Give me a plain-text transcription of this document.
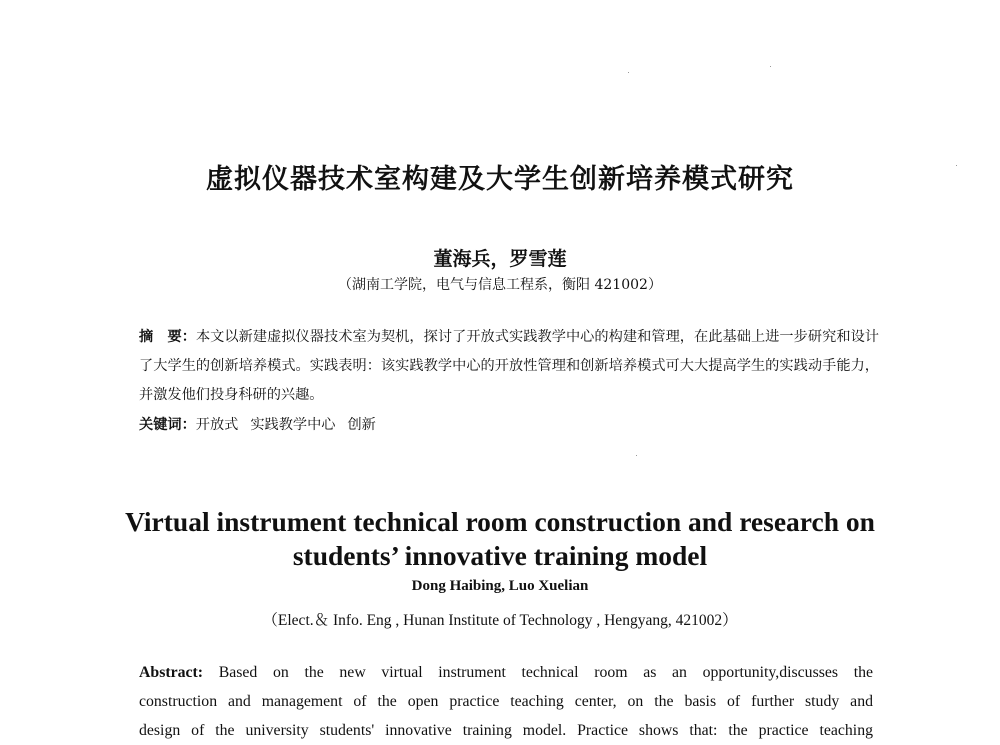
虚拟仪器技术室构建及大学生创新培养模式研究
董海兵，罗雪莲
（湖南工学院，电气与信息工程系，衡阳 421002）
摘　要：本文以新建虚拟仪器技术室为契机，探讨了开放式实践教学中心的构建和管理，在此基础上进一步研究和设计了大学生的创新培养模式。实践表明：该实践教学中心的开放性管理和创新培养模式可大大提高学生的实践动手能力，并激发他们投身科研的兴趣。
关键词：开放式 实践教学中心 创新
Virtual instrument technical room construction and research on
students’ innovative training model
Dong Haibing, Luo Xuelian
（Elect.＆ Info. Eng , Hunan Institute of Technology , Hengyang, 421002）
Abstract: Based on the new virtual instrument technical room as an opportunity,discusses the
construction and management of the open practice teaching center, on the basis of further study and
design of the university students' innovative training model. Practice shows that: the practice teaching
